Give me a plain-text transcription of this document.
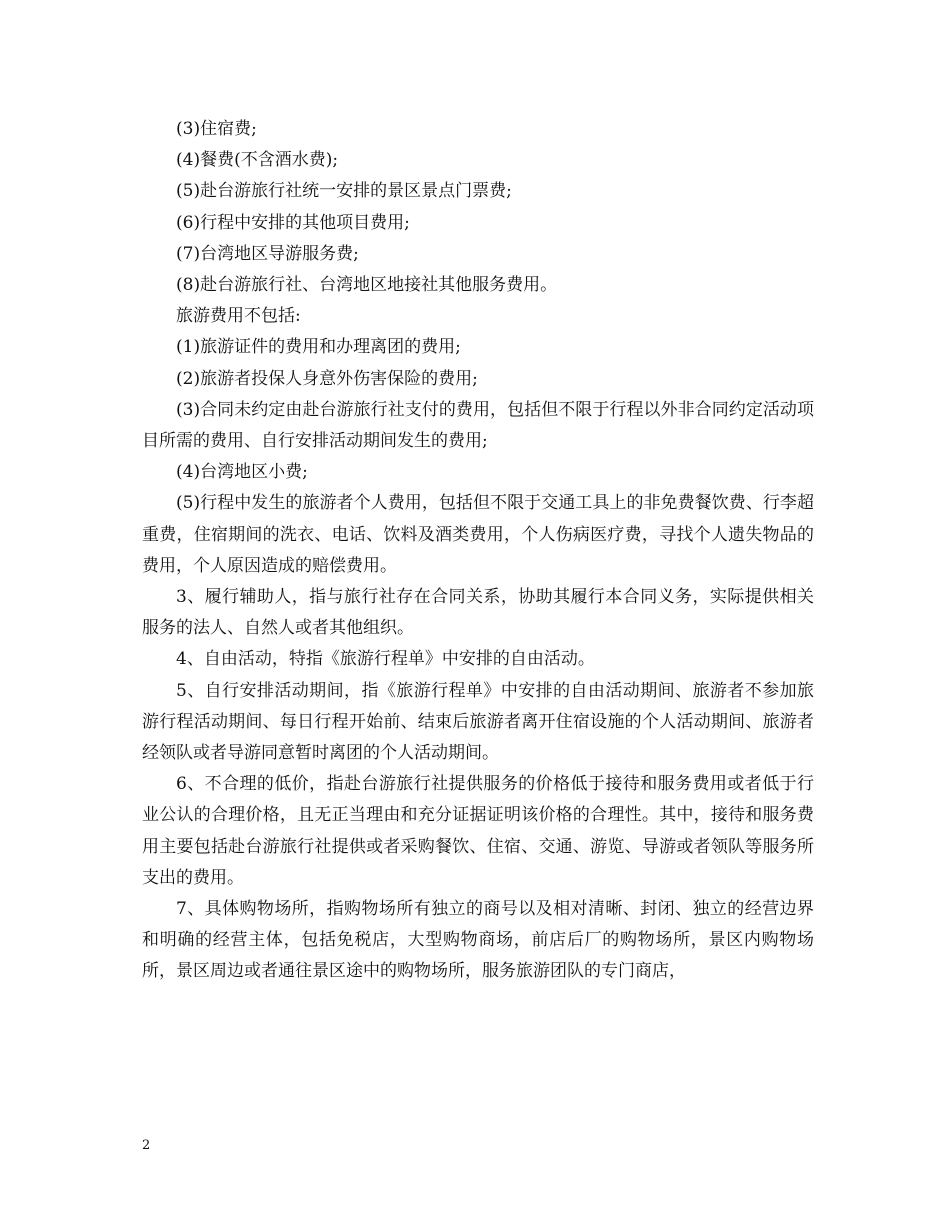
(3)住宿费;

(4)餐费(不含酒水费);

(5)赴台游旅行社统一安排的景区景点门票费;

(6)行程中安排的其他项目费用;

(7)台湾地区导游服务费;

(8)赴台游旅行社、台湾地区地接社其他服务费用。

旅游费用不包括:

(1)旅游证件的费用和办理离团的费用;

(2)旅游者投保人身意外伤害保险的费用;

(3)合同未约定由赴台游旅行社支付的费用，包括但不限于行程以外非合同约定活动项目所需的费用、自行安排活动期间发生的费用;

(4)台湾地区小费;

(5)行程中发生的旅游者个人费用，包括但不限于交通工具上的非免费餐饮费、行李超重费，住宿期间的洗衣、电话、饮料及酒类费用，个人伤病医疗费，寻找个人遗失物品的费用，个人原因造成的赔偿费用。

3、履行辅助人，指与旅行社存在合同关系，协助其履行本合同义务，实际提供相关服务的法人、自然人或者其他组织。

4、自由活动，特指《旅游行程单》中安排的自由活动。

5、自行安排活动期间，指《旅游行程单》中安排的自由活动期间、旅游者不参加旅游行程活动期间、每日行程开始前、结束后旅游者离开住宿设施的个人活动期间、旅游者经领队或者导游同意暂时离团的个人活动期间。

6、不合理的低价，指赴台游旅行社提供服务的价格低于接待和服务费用或者低于行业公认的合理价格，且无正当理由和充分证据证明该价格的合理性。其中，接待和服务费用主要包括赴台游旅行社提供或者采购餐饮、住宿、交通、游览、导游或者领队等服务所支出的费用。

7、具体购物场所，指购物场所有独立的商号以及相对清晰、封闭、独立的经营边界和明确的经营主体，包括免税店，大型购物商场，前店后厂的购物场所，景区内购物场所，景区周边或者通往景区途中的购物场所，服务旅游团队的专门商店，

2
